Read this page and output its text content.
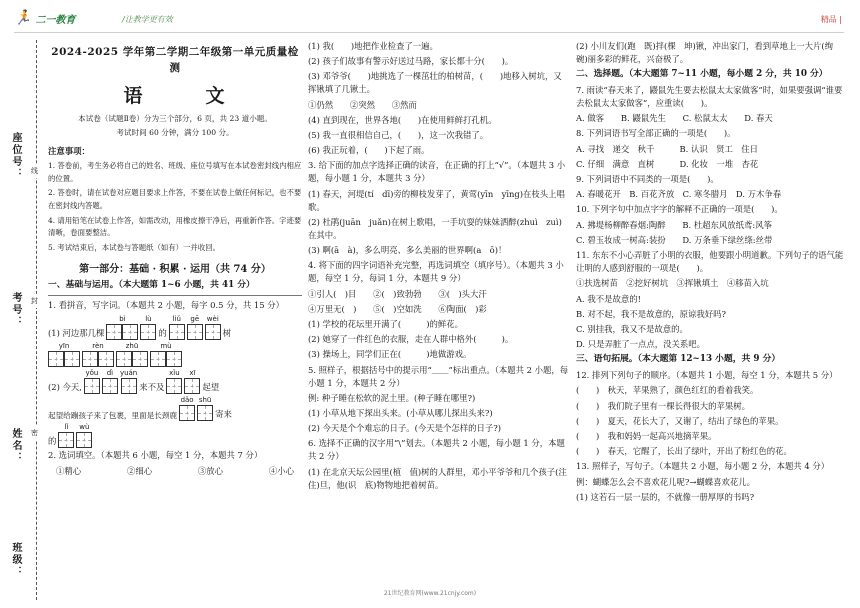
🏃 二一教育	/让教学更有效	精品 |
座位号：
考号：
姓名：
班级：
线
封
密

2024-2025 学年第二学期二年级第一单元质量检测

语　文

本试卷（试题Ⅱ卷）分为三个部分，6 页，共 23 道小题。

考试时间 60 分钟，满分 100 分。

注意事项：

1. 答卷前，考生务必将自己的姓名、班级、座位号填写在本试卷密封线内相应的位置。

2. 答卷时，请在试卷对应题目要求上作答，不要在试卷上做任何标记，也不要在密封线内答题。

4. 请用铅笔在试卷上作答，如需改动，用橡皮擦干净后，再重新作答。字迹要清晰，卷面要整洁。

5. 考试结束后，本试卷与答题纸（如有）一并收回。

第一部分：基础 · 积累 · 运用（共 74 分）

一、基础与运用。（本大题第 1~6 小题，共 41 分）

1. 看拼音，写字词。（本题共 2 小题，每字 0.5 分，共 15 分）

(1) 河边那几棵
bì	lù
的
liǔ gē wèi
树
yīn	rèn	zhū	mù
(2) 今天,
yǒu dì yuán
来不及
xǐu xī
起望
起望给蹦孩子来了包裹，里面是长颈鹿
dǎo shū
寄来
的
lǐ wù

2. 选词填空。（本题共 6 小题，每空 1 分，本题共 7 分）

①精心	②细心	③放心	④小心

(1) 我(　　)地把作业检查了一遍。

(2) 孩子们故事有警示好送过马路，家长都十分(　　)。

(3) 邓爷爷(　　)地挑选了一棵茁壮的柏树苗，(　　)地移入树坑，又挥锹填了几锹土。

①仍然　　②突然　　③然而

(4) 直到现在，世界各地(　　)在使用鲜鲜打孔机。

(5) 我一直很相信自己，(　　)，这一次我错了。

(6) 我正玩着，(　　)下起了雨。

3. 给下面的加点字选择正确的读音，在正确的打上“√”。（本题共 3 小题，每小题 1 分，本题共 3 分）

(1) 春天，河堤(tí　dī)旁的柳枝发芽了，黄莺(yīn　yīng)在枝头上唱歌。

(2) 杜鹃(juān　juǎn)在树上歌唱，一手坑耍的妹妹洒醉(zhuì　zuì)在其中。

(3) 啊(ā　à)，多么明亮、多么美丽的世界啊(a　ō)！

4. 将下面的四字词语补充完整，再选词填空（填序号）。（本题共 3 小题，每空 1 分，每词 1 分，本题共 9 分）

①引人(　)目　　②(　)致勃勃　　③(　)头大汗

④万里无(　)　　⑤(　)空如洗　　⑥陶面(　)彩

(1) 学校的花坛里开满了(　　　)的鲜花。

(2) 她穿了一件红色的衣服，走在人群中格外(　　　)。

(3) 操场上，同学们正在(　　　)地做游戏。

5. 照样子，根据括号中的提示用“＿＿”标出重点。（本题共 2 小题，每小题 1 分，本题共 2 分）

例: 种子睡在松软的泥土里。(种子睡在哪里?)

(1) 小草从地下探出头来。(小草从哪儿探出头来?)

(2) 今天是个个难忘的日子。(今天是个怎样的日子?)

6. 选择不正确的汉字用“\”划去。（本题共 2 小题，每小题 1 分，本题共 2 分）

(1) 在北京天坛公园里(植　值)树的人群里，邓小平爷爷和几个孩子(注　住)旦，他(识　底)物物地把着树苗。

(2) 小川友们(跑　既)拌(棵　坤)锹，冲出家门，看到草地上一大片(绚　碗)丽多彩的鲜花，兴奋极了。

二、选择题。（本大题第 7~11 小题，每小题 2 分，共 10 分）

7. 雨读“春天来了，鼹鼠先生要去松鼠太太家做客”时，如果要强调“谁要去松鼠太太家做客”，应重读(　　)。

A. 做客　　B. 鼹鼠先生　　C. 松鼠太太　　D. 春天

8. 下列词语书写全部正确的一项是(　　)。

A. 寻找　递交　秋千　　　B. 认识　贤工　住日

C. 仔细　满意　直树　　　D. 化妆　一堆　杏花

9. 下列词语中不同类的一项是(　　)。

A. 春暖花开　B. 百花齐放　C. 寒冬腊月　D. 万木争春

10. 下列字句中加点字字的解释不正确的一项是(　　)。

A. 拂堤杨柳醉春烟:陶醉　　B. 杜超东风放纸鸢:风筝

C. 碧玉妆成一树高:装扮　　D. 万条垂下绿丝绦:丝带

11. 东东不小心弄脏了小明的衣服，他要跟小明道歉。下列句子的语气能让明的人感到舒服的一项是(　　)。

①扶选树苗　②挖好树坑　③挥锹填土　④移苗入坑

A. 我不是故意的!

B. 对不起，我不是故意的，原谅我好吗?

C. 别挂我，我又不是故意的。

D. 只是弄脏了一点点，没关系吧。

三、语句拓展。（本大题第 12~13 小题，共 9 分）

12. 排列下列句子的顺序。（本题共 1 小题，每空 1 分，本题共 5 分）

(　　)　秋天，苹果熟了，颜色红红的看着我笑。

(　　)　我们院子里有一棵长得很大的苹果树。

(　　)　夏天，花长大了，又谢了，结出了绿色的苹果。

(　　)　我和妈妈一起高兴地摘苹果。

(　　)　春天，它醒了，长出了绿叶，开出了粉红色的花。

13. 照样子，写句子。（本题共 2 小题，每小题 2 分，本题共 4 分）

例：蝴蝶怎么会不喜欢花儿呢?→蝴蝶喜欢花儿。

(1) 这若石一层一层的，不就像一册厚厚的书吗?

21世纪教育网(www.21cnjy.com)
